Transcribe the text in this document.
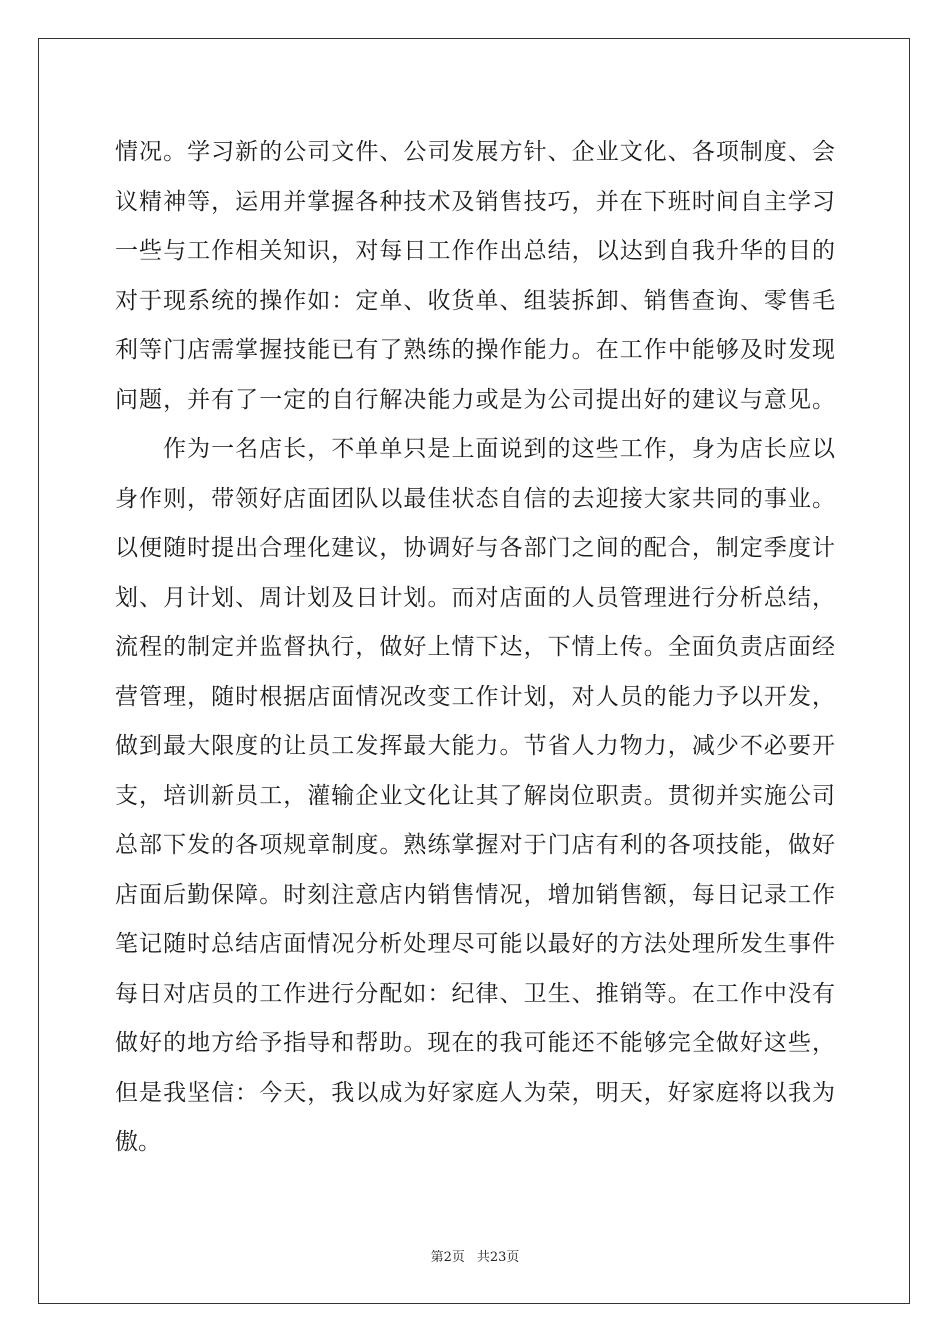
情况。学习新的公司文件、公司发展方针、企业文化、各项制度、会
议精神等，运用并掌握各种技术及销售技巧，并在下班时间自主学习
一些与工作相关知识，对每日工作作出总结，以达到自我升华的目的
对于现系统的操作如：定单、收货单、组装拆卸、销售查询、零售毛
利等门店需掌握技能已有了熟练的操作能力。在工作中能够及时发现
问题，并有了一定的自行解决能力或是为公司提出好的建议与意见。
作为一名店长，不单单只是上面说到的这些工作，身为店长应以
身作则，带领好店面团队以最佳状态自信的去迎接大家共同的事业。
以便随时提出合理化建议，协调好与各部门之间的配合，制定季度计
划、月计划、周计划及日计划。而对店面的人员管理进行分析总结，
流程的制定并监督执行，做好上情下达，下情上传。全面负责店面经
营管理，随时根据店面情况改变工作计划，对人员的能力予以开发，
做到最大限度的让员工发挥最大能力。节省人力物力，减少不必要开
支，培训新员工，灌输企业文化让其了解岗位职责。贯彻并实施公司
总部下发的各项规章制度。熟练掌握对于门店有利的各项技能，做好
店面后勤保障。时刻注意店内销售情况，增加销售额，每日记录工作
笔记随时总结店面情况分析处理尽可能以最好的方法处理所发生事件
每日对店员的工作进行分配如：纪律、卫生、推销等。在工作中没有
做好的地方给予指导和帮助。现在的我可能还不能够完全做好这些，
但是我坚信：今天，我以成为好家庭人为荣，明天，好家庭将以我为
傲。
第2页 共23页
